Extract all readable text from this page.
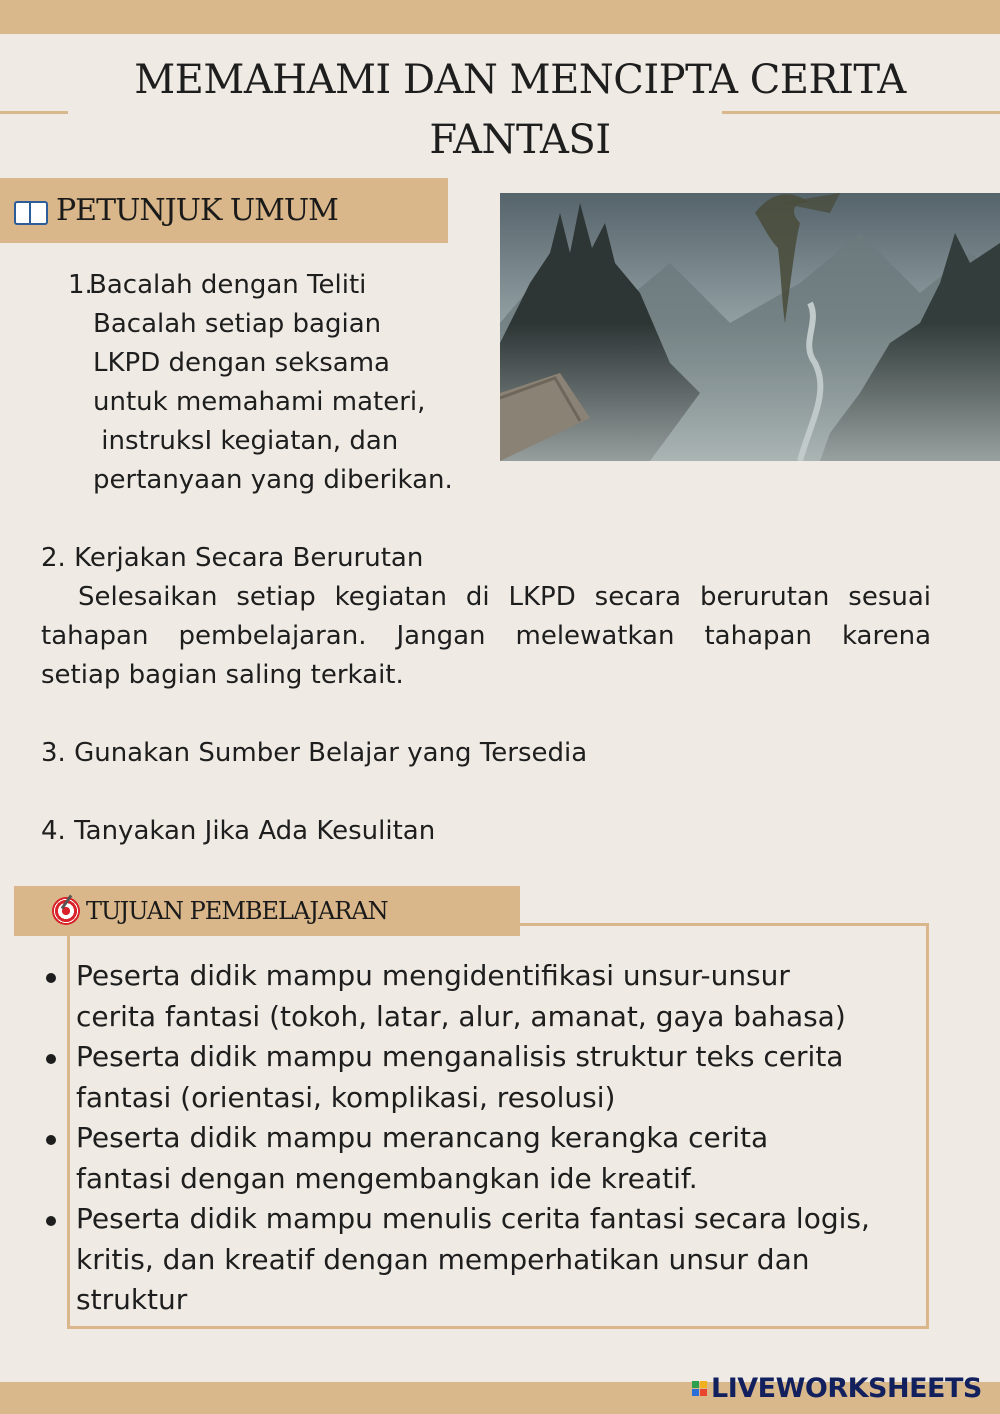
MEMAHAMI DAN MENCIPTA CERITA
FANTASI
PETUNJUK UMUM
1.
Bacalah dengan Teliti
Bacalah setiap bagian
LKPD dengan seksama
untuk memahami materi,
instruksI kegiatan, dan
pertanyaan yang diberikan.
2. Kerjakan Secara Berurutan
Selesaikan setiap kegiatan di LKPD secara berurutan sesuai
tahapan pembelajaran. Jangan melewatkan tahapan karena
setiap bagian saling terkait.

3. Gunakan Sumber Belajar yang Tersedia

4. Tanyakan Jika Ada Kesulitan

TUJUAN PEMBELAJARAN
Peserta didik mampu mengidentifikasi unsur-unsur
cerita fantasi (tokoh, latar, alur, amanat, gaya bahasa)
Peserta didik mampu menganalisis struktur teks cerita
fantasi (orientasi, komplikasi, resolusi)
Peserta didik mampu merancang kerangka cerita
fantasi dengan mengembangkan ide kreatif.
Peserta didik mampu menulis cerita fantasi secara logis,
kritis, dan kreatif dengan memperhatikan unsur dan
struktur
LIVEWORKSHEETS
